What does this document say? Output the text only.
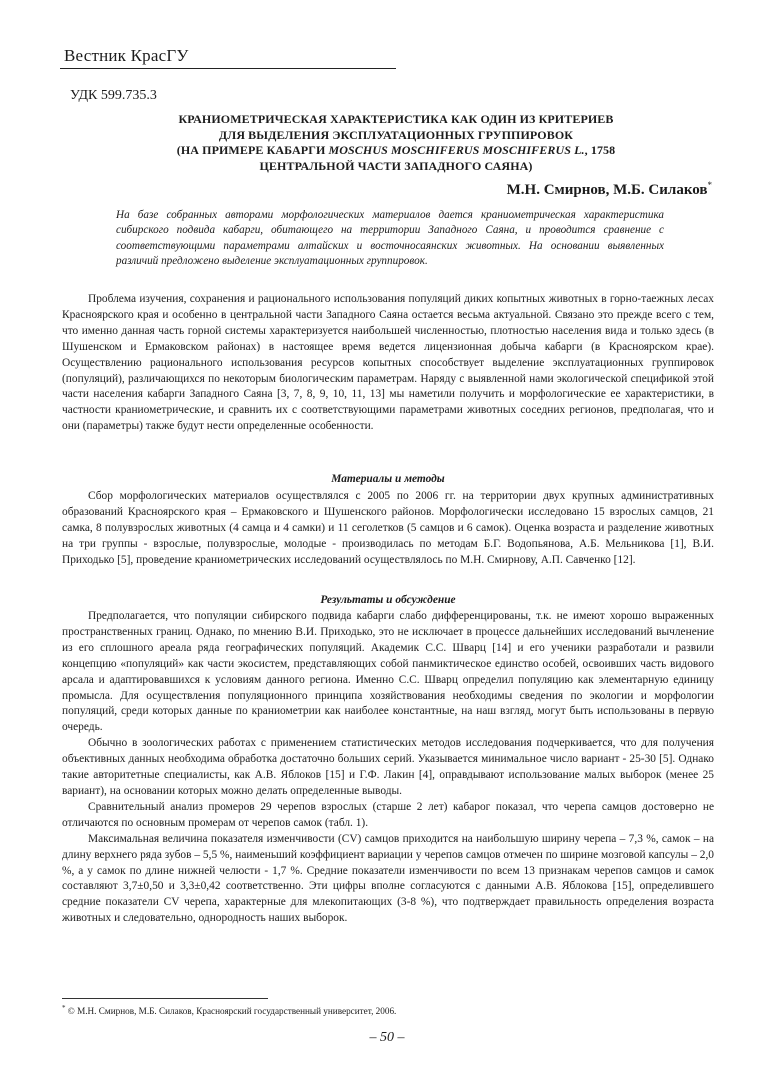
Вестник КрасГУ
УДК 599.735.3
КРАНИОМЕТРИЧЕСКАЯ ХАРАКТЕРИСТИКА КАК ОДИН ИЗ КРИТЕРИЕВ
ДЛЯ ВЫДЕЛЕНИЯ ЭКСПЛУАТАЦИОННЫХ ГРУППИРОВОК
(НА ПРИМЕРЕ КАБАРГИ MOSCHUS MOSCHIFERUS MOSCHIFERUS L., 1758
ЦЕНТРАЛЬНОЙ ЧАСТИ ЗАПАДНОГО САЯНА)
М.Н. Смирнов, М.Б. Силаков*
На базе собранных авторами морфологических материалов дается краниометрическая характеристика сибирского подвида кабарги, обитающего на территории Западного Саяна, и проводится сравнение с соответствующими параметрами алтайских и восточносаянских животных. На основании выявленных различий предложено выделение эксплуатационных группировок.

Проблема изучения, сохранения и рационального использования популяций диких копытных животных в горно-таежных лесах Красноярского края и особенно в центральной части Западного Саяна остается весьма актуальной. Связано это прежде всего с тем, что именно данная часть горной системы характеризуется наибольшей численностью, плотностью населения вида и только здесь (в Шушенском и Ермаковском районах) в настоящее время ведется лицензионная добыча кабарги (в Красноярском крае). Осуществлению рационального использования ресурсов копытных способствует выделение эксплуатационных группировок (популяций), различающихся по некоторым биологическим параметрам. Наряду с выявленной нами экологической спецификой этой части населения кабарги Западного Саяна [3, 7, 8, 9, 10, 11, 13] мы наметили получить и морфологические ее характеристики, в частности краниометрические, и сравнить их с соответствующими параметрами животных соседних регионов, предполагая, что и они (параметры) также будут нести определенные особенности.

Материалы и методы

Сбор морфологических материалов осуществлялся с 2005 по 2006 гг. на территории двух крупных административных образований Красноярского края – Ермаковского и Шушенского районов. Морфологически исследовано 15 взрослых самцов, 21 самка, 8 полувзрослых животных (4 самца и 4 самки) и 11 сеголетков (5 самцов и 6 самок). Оценка возраста и разделение животных на три группы - взрослые, полувзрослые, молодые - производилась по методам Б.Г. Водопьянова, А.Б. Мельникова [1], В.И. Приходько [5], проведение краниометрических исследований осуществлялось по М.Н. Смирнову, А.П. Савченко [12].

Результаты и обсуждение

Предполагается, что популяции сибирского подвида кабарги слабо дифференцированы, т.к. не имеют хорошо выраженных пространственных границ. Однако, по мнению В.И. Приходько, это не исключает в процессе дальнейших исследований вычленение из его сплошного ареала ряда географических популяций. Академик С.С. Шварц [14] и его ученики разработали и развили концепцию «популяций» как части экосистем, представляющих собой панмиктическое единство особей, освоивших часть видового арсала и адаптировавшихся к условиям данного региона. Именно С.С. Шварц определил популяцию как элементарную единицу промысла. Для осуществления популяционного принципа хозяйствования необходимы сведения по экологии и морфологии популяций, среди которых данные по краниометрии как наиболее константные, на наш взгляд, могут быть использованы в первую очередь.

Обычно в зоологических работах с применением статистических методов исследования подчеркивается, что для получения объективных данных необходима обработка достаточно больших серий. Указывается минимальное число вариант - 25-30 [5]. Однако такие авторитетные специалисты, как А.В. Яблоков [15] и Г.Ф. Лакин [4], оправдывают использование малых выборок (менее 25 вариант), на основании которых можно делать определенные выводы.

Сравнительный анализ промеров 29 черепов взрослых (старше 2 лет) кабарог показал, что черепа самцов достоверно не отличаются по основным промерам от черепов самок (табл. 1).

Максимальная величина показателя изменчивости (CV) самцов приходится на наибольшую ширину черепа – 7,3 %, самок – на длину верхнего ряда зубов – 5,5 %, наименьший коэффициент вариации у черепов самцов отмечен по ширине мозговой капсулы – 2,0 %, а у самок по длине нижней челюсти - 1,7 %. Средние показатели изменчивости по всем 13 признакам черепов самцов и самок составляют 3,7±0,50 и 3,3±0,42 соответственно. Эти цифры вполне согласуются с данными А.В. Яблокова [15], определившего средние показатели CV черепа, характерные для млекопитающих (3-8 %), что подтверждает правильность определения возраста животных и следовательно, однородность наших выборок.

* © М.Н. Смирнов, М.Б. Силаков, Красноярский государственный университет, 2006.
– 50 –
